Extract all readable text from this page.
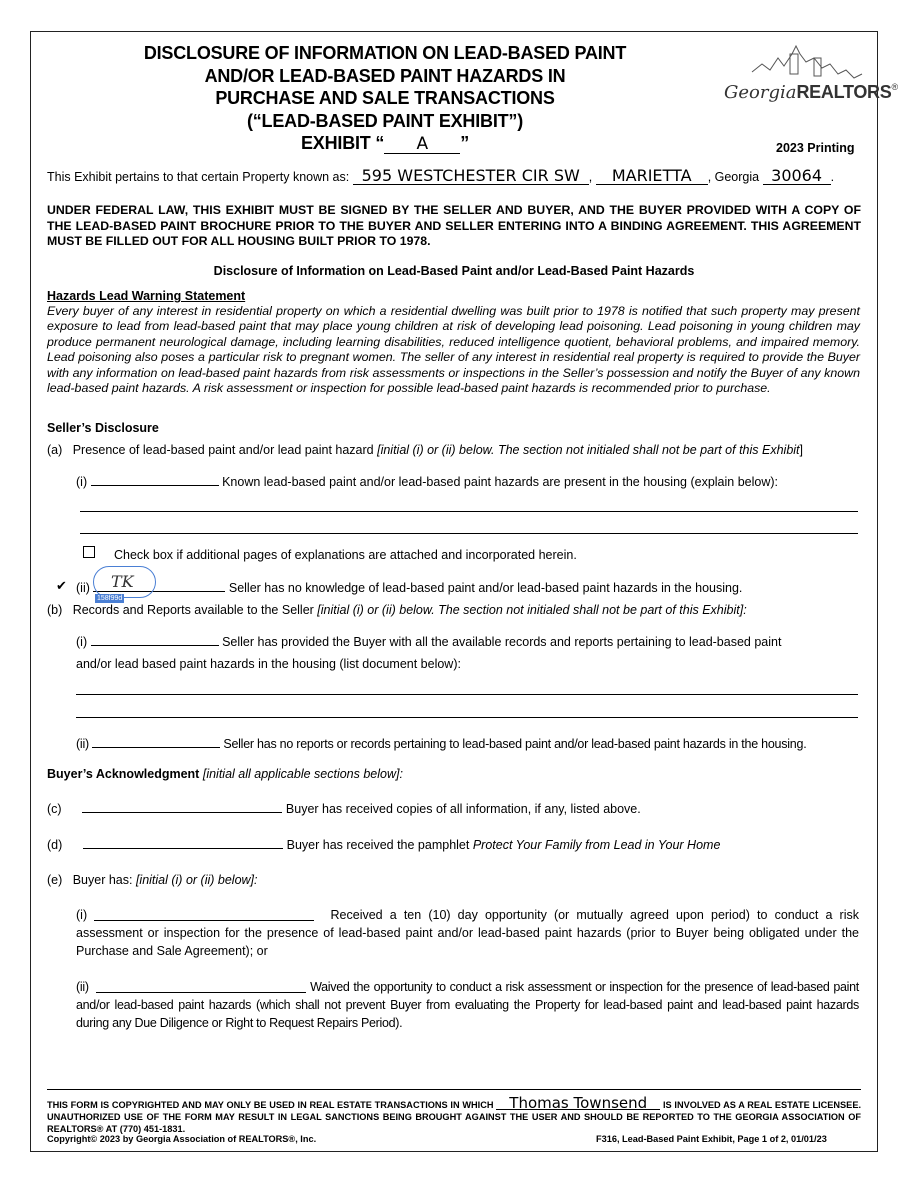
DISCLOSURE OF INFORMATION ON LEAD-BASED PAINT
AND/OR LEAD-BASED PAINT HAZARDS IN
PURCHASE AND SALE TRANSACTIONS
(“LEAD-BASED PAINT EXHIBIT”)
EXHIBIT “ A ”
GeorgiaREALTORS®
2023 Printing
This Exhibit pertains to that certain Property known as: 595 WESTCHESTER CIR SW , MARIETTA , Georgia 30064 .
UNDER FEDERAL LAW, THIS EXHIBIT MUST BE SIGNED BY THE SELLER AND BUYER, AND THE BUYER PROVIDED WITH A COPY OF THE LEAD-BASED PAINT BROCHURE PRIOR TO THE BUYER AND SELLER ENTERING INTO A BINDING AGREEMENT. THIS AGREEMENT MUST BE FILLED OUT FOR ALL HOUSING BUILT PRIOR TO 1978.
Disclosure of Information on Lead-Based Paint and/or Lead-Based Paint Hazards
Hazards Lead Warning Statement
Every buyer of any interest in residential property on which a residential dwelling was built prior to 1978 is notified that such property may present exposure to lead from lead-based paint that may place young children at risk of developing lead poisoning. Lead poisoning in young children may produce permanent neurological damage, including learning disabilities, reduced intelligence quotient, behavioral problems, and impaired memory. Lead poisoning also poses a particular risk to pregnant women. The seller of any interest in residential real property is required to provide the Buyer with any information on lead-based paint hazards from risk assessments or inspections in the Seller’s possession and notify the Buyer of any known lead-based paint hazards. A risk assessment or inspection for possible lead-based paint hazards is recommended prior to purchase.
Seller’s Disclosure
(a) Presence of lead-based paint and/or lead paint hazard [initial (i) or (ii) below. The section not initialed shall not be part of this Exhibit]
(i)	Known lead-based paint and/or lead-based paint hazards are present in the housing (explain below):
Check box if additional pages of explanations are attached and incorporated herein.
✔ (ii)	Seller has no knowledge of lead-based paint and/or lead-based paint hazards in the housing.
TK
158f99d
(b) Records and Reports available to the Seller [initial (i) or (ii) below. The section not initialed shall not be part of this Exhibit]:
(i)	Seller has provided the Buyer with all the available records and reports pertaining to lead-based paint
and/or lead based paint hazards in the housing (list document below):
(ii)	Seller has no reports or records pertaining to lead-based paint and/or lead-based paint hazards in the housing.
Buyer’s Acknowledgment [initial all applicable sections below]:
(c)	Buyer has received copies of all information, if any, listed above.
(d)	Buyer has received the pamphlet Protect Your Family from Lead in Your Home
(e) Buyer has: [initial (i) or (ii) below]:
(i)	Received a ten (10) day opportunity (or mutually agreed upon period) to conduct a risk assessment or inspection for the presence of lead-based paint and/or lead-based paint hazards (prior to Buyer being obligated under the Purchase and Sale Agreement); or
(ii)	Waived the opportunity to conduct a risk assessment or inspection for the presence of lead-based paint and/or lead-based paint hazards (which shall not prevent Buyer from evaluating the Property for lead-based paint and lead-based paint hazards during any Due Diligence or Right to Request Repairs Period).
THIS FORM IS COPYRIGHTED AND MAY ONLY BE USED IN REAL ESTATE TRANSACTIONS IN WHICH Thomas Townsend IS INVOLVED AS A REAL ESTATE LICENSEE. UNAUTHORIZED USE OF THE FORM MAY RESULT IN LEGAL SANCTIONS BEING BROUGHT AGAINST THE USER AND SHOULD BE REPORTED TO THE GEORGIA ASSOCIATION OF REALTORS® AT (770) 451-1831.
Copyright© 2023 by Georgia Association of REALTORS®, Inc.	F316, Lead-Based Paint Exhibit, Page 1 of 2, 01/01/23
